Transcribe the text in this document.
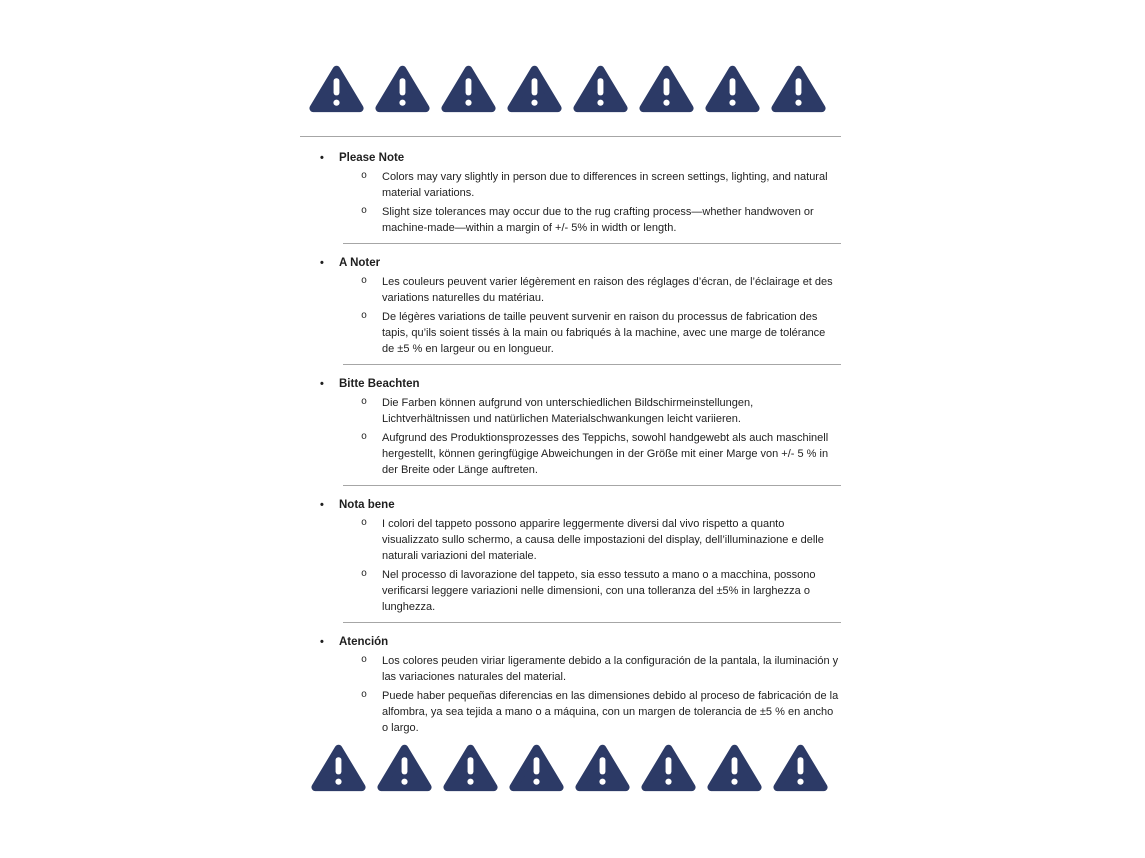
•	Please Note
o	Colors may vary slightly in person due to differences in screen settings, lighting, and natural material variations.

o	Slight size tolerances may occur due to the rug crafting process—whether handwoven or machine-made—within a margin of +/- 5% in width or length.

•	A Noter
o	Les couleurs peuvent varier légèrement en raison des réglages d’écran, de l’éclairage et des variations naturelles du matériau.

o	De légères variations de taille peuvent survenir en raison du processus de fabrication des tapis, qu’ils soient tissés à la main ou fabriqués à la machine, avec une marge de tolérance de ±5 % en largeur ou en longueur.

•	Bitte Beachten
o	Die Farben können aufgrund von unterschiedlichen Bildschirmeinstellungen, Lichtverhältnissen und natürlichen Materialschwankungen leicht variieren.

o	Aufgrund des Produktionsprozesses des Teppichs, sowohl handgewebt als auch maschinell hergestellt, können geringfügige Abweichungen in der Größe mit einer Marge von +/- 5 % in der Breite oder Länge auftreten.

•	Nota bene
o	I colori del tappeto possono apparire leggermente diversi dal vivo rispetto a quanto visualizzato sullo schermo, a causa delle impostazioni del display, dell’illuminazione e delle naturali variazioni del materiale.

o	Nel processo di lavorazione del tappeto, sia esso tessuto a mano o a macchina, possono verificarsi leggere variazioni nelle dimensioni, con una tolleranza del ±5% in larghezza o lunghezza.

•	Atención
o	Los colores peuden viriar ligeramente debido a la configuración de la pantala, la iluminación y las variaciones naturales del material.

o	Puede haber pequeñas diferencias en las dimensiones debido al proceso de fabricación de la alfombra, ya sea tejida a mano o a máquina, con un margen de tolerancia de ±5 % en ancho o largo.
